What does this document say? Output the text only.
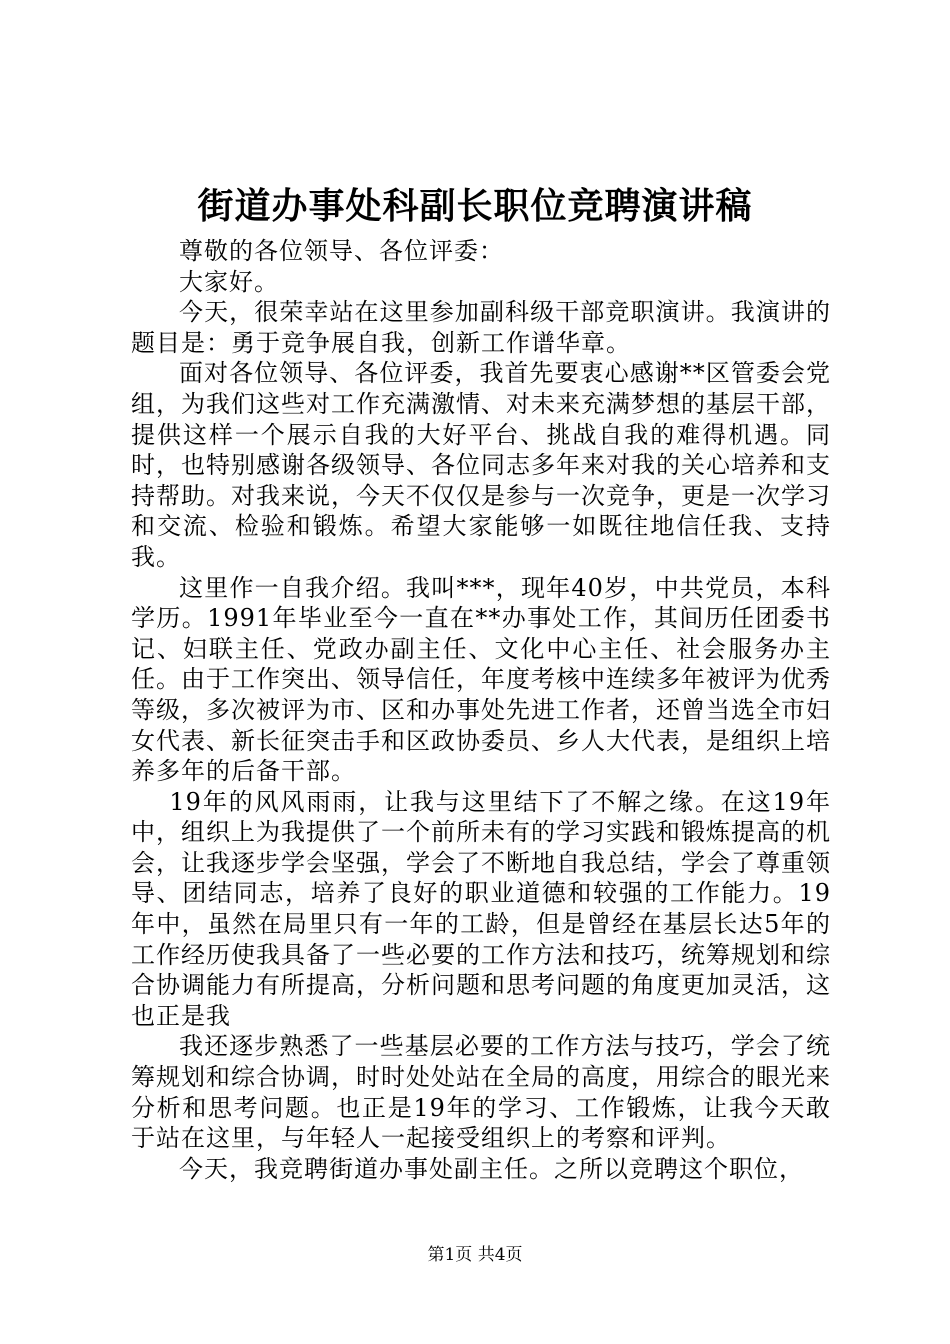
街道办事处科副长职位竞聘演讲稿

尊敬的各位领导、各位评委：

大家好。

今天，很荣幸站在这里参加副科级干部竞职演讲。我演讲的题目是：勇于竞争展自我，创新工作谱华章。

面对各位领导、各位评委，我首先要衷心感谢**区管委会党组，为我们这些对工作充满激情、对未来充满梦想的基层干部，提供这样一个展示自我的大好平台、挑战自我的难得机遇。同时，也特别感谢各级领导、各位同志多年来对我的关心培养和支持帮助。对我来说，今天不仅仅是参与一次竞争，更是一次学习和交流、检验和锻炼。希望大家能够一如既往地信任我、支持我。

这里作一自我介绍。我叫***，现年40岁，中共党员，本科学历。1991年毕业至今一直在**办事处工作，其间历任团委书记、妇联主任、党政办副主任、文化中心主任、社会服务办主任。由于工作突出、领导信任，年度考核中连续多年被评为优秀等级，多次被评为市、区和办事处先进工作者，还曾当选全市妇女代表、新长征突击手和区政协委员、乡人大代表，是组织上培养多年的后备干部。

19年的风风雨雨，让我与这里结下了不解之缘。在这19年中，组织上为我提供了一个前所未有的学习实践和锻炼提高的机会，让我逐步学会坚强，学会了不断地自我总结，学会了尊重领导、团结同志，培养了良好的职业道德和较强的工作能力。19年中，虽然在局里只有一年的工龄，但是曾经在基层长达5年的工作经历使我具备了一些必要的工作方法和技巧，统筹规划和综合协调能力有所提高，分析问题和思考问题的角度更加灵活，这也正是我

我还逐步熟悉了一些基层必要的工作方法与技巧，学会了统筹规划和综合协调，时时处处站在全局的高度，用综合的眼光来分析和思考问题。也正是19年的学习、工作锻炼，让我今天敢于站在这里，与年轻人一起接受组织上的考察和评判。

今天，我竞聘街道办事处副主任。之所以竞聘这个职位，

第1页 共4页
